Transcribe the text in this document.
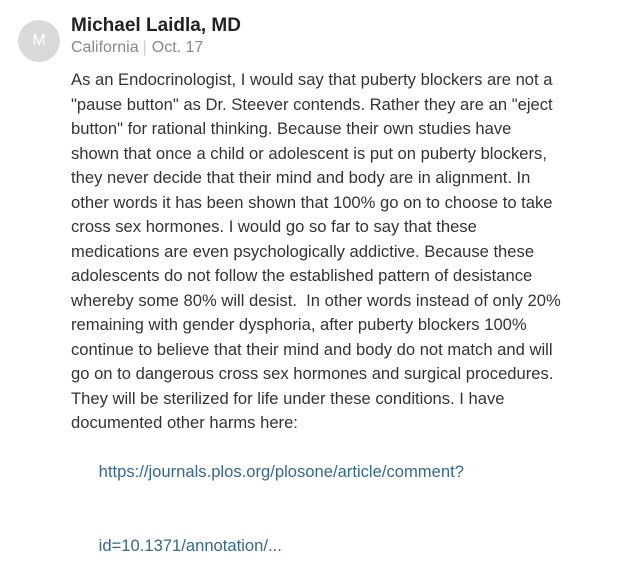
M
Michael Laidla, MD
California | Oct. 17
As an Endocrinologist, I would say that puberty blockers are not a
"pause button" as Dr. Steever contends. Rather they are an "eject
button" for rational thinking. Because their own studies have
shown that once a child or adolescent is put on puberty blockers,
they never decide that their mind and body are in alignment. In
other words it has been shown that 100% go on to choose to take
cross sex hormones. I would go so far to say that these
medications are even psychologically addictive. Because these
adolescents do not follow the established pattern of desistance
whereby some 80% will desist.  In other words instead of only 20%
remaining with gender dysphoria, after puberty blockers 100%
continue to believe that their mind and body do not match and will
go on to dangerous cross sex hormones and surgical procedures.
They will be sterilized for life under these conditions. I have
documented other harms here:

https://journals.plos.org/plosone/article/comment?

id=10.1371/annotation/...
